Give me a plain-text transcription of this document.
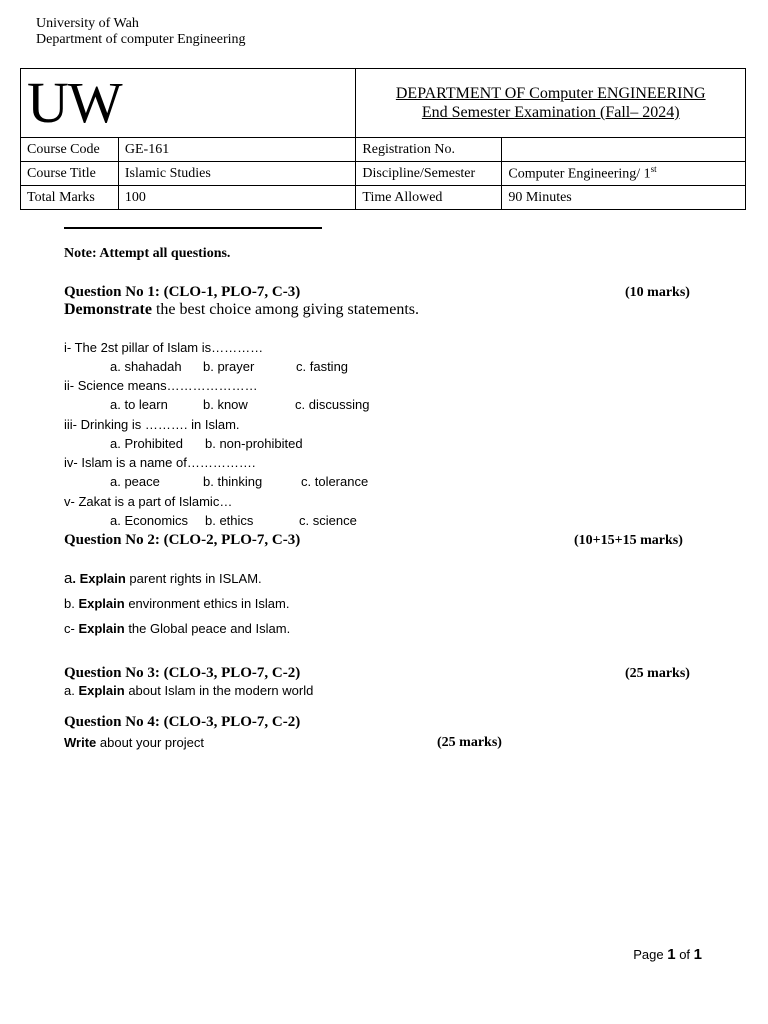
University of Wah
Department of computer Engineering
UW		DEPARTMENT OF Computer ENGINEERING
End Semester Examination (Fall– 2024)	

Course Code	GE-161	Registration No.	
Course Title	Islamic Studies	Discipline/Semester	Computer Engineering/ 1st
Total Marks	100	Time Allowed	90 Minutes
Note: Attempt all questions.
Question No 1: (CLO-1, PLO-7, C-3)	(10 marks)
Demonstrate the best choice among giving statements.
i- The 2st pillar of Islam is…………
a. shahadah b. prayer	c. fasting
ii- Science means…………………
a. to learn	b. know	c. discussing
iii- Drinking is ………. in Islam.
a. Prohibited b. non-prohibited
iv- Islam is a name of…………….
a. peace	b. thinking	c. tolerance
v- Zakat is a part of Islamic…
a. Economics b. ethics	c. science
Question No 2: (CLO-2, PLO-7, C-3)	(10+15+15 marks)
a. Explain parent rights in ISLAM.
b. Explain environment ethics in Islam.
c- Explain the Global peace and Islam.
Question No 3: (CLO-3, PLO-7, C-2)	(25 marks)
a. Explain about Islam in the modern world
Question No 4: (CLO-3, PLO-7, C-2)
Write about your project	(25 marks)
Page 1 of 1
